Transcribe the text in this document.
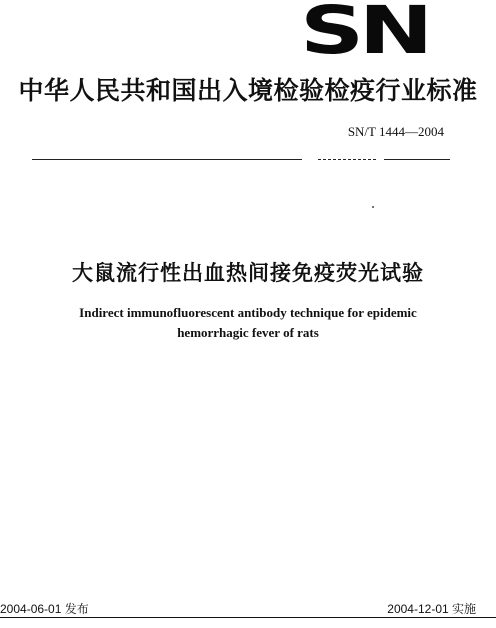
SN
中华人民共和国出入境检验检疫行业标准
SN/T 1444—2004
大鼠流行性出血热间接免疫荧光试验
Indirect immunofluorescent antibody technique for epidemic
hemorrhagic fever of rats
2004-06-01 发布	2004-12-01 实施
